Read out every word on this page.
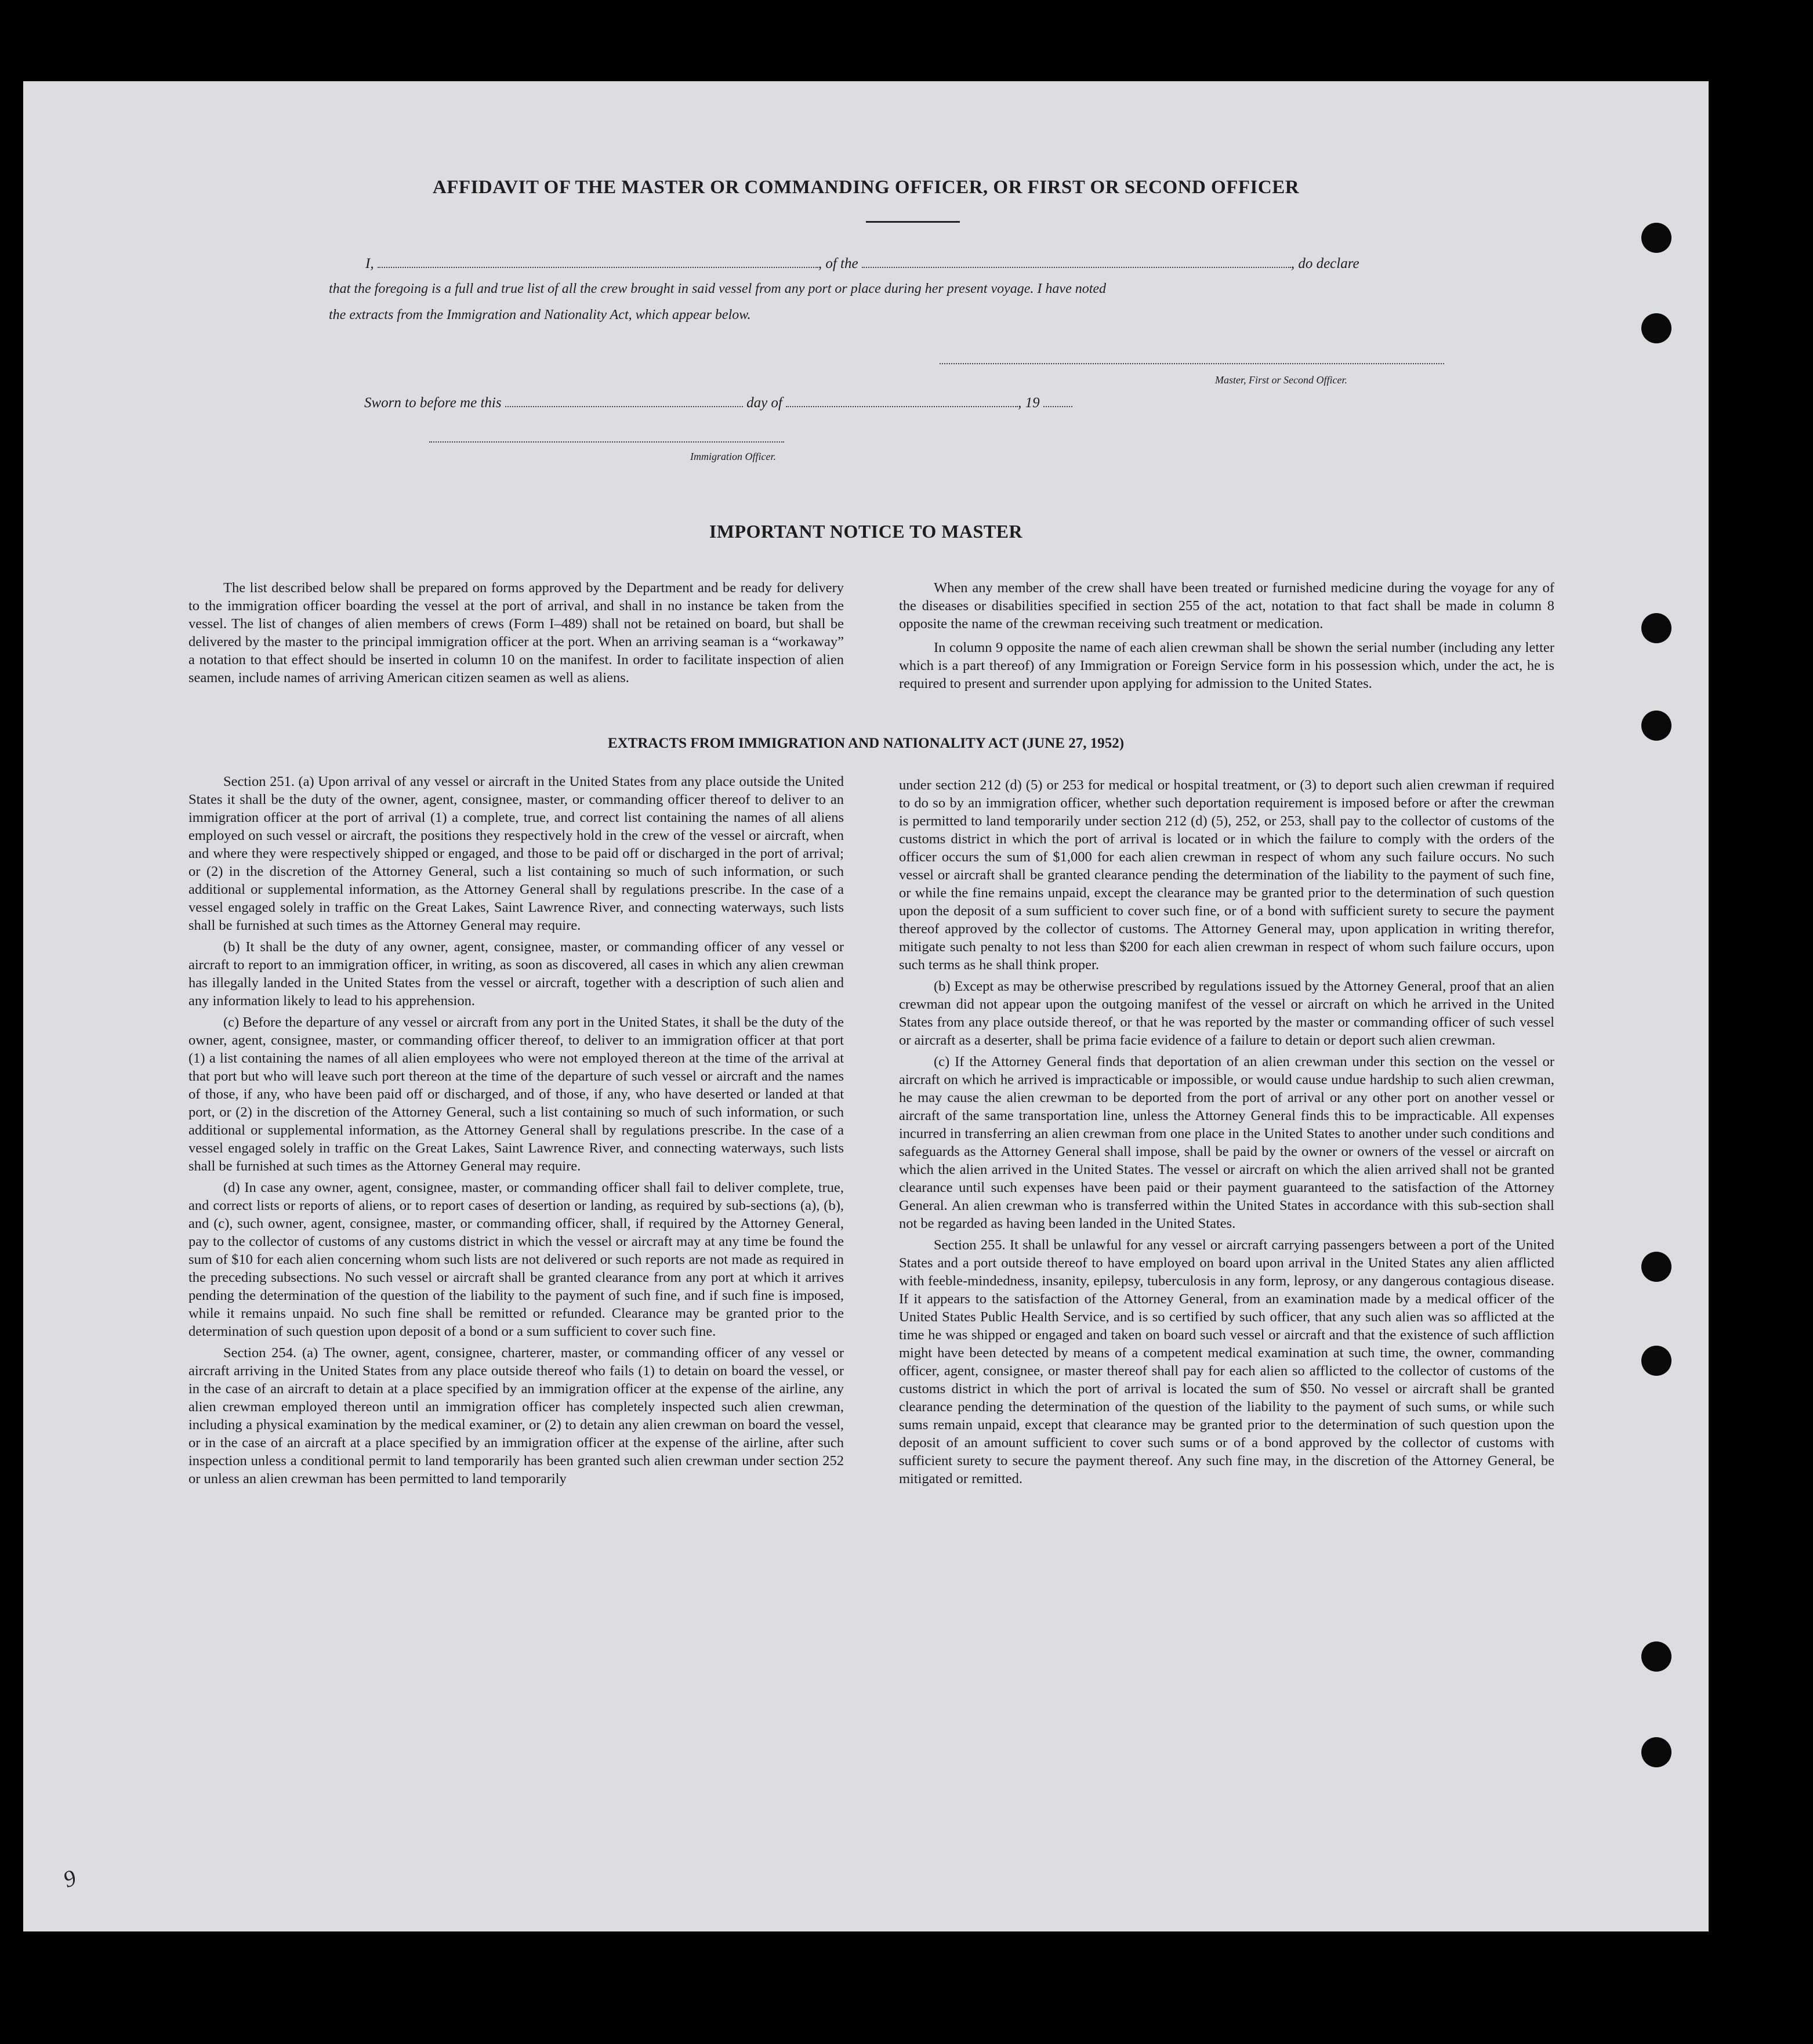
AFFIDAVIT OF THE MASTER OR COMMANDING OFFICER, OR FIRST OR SECOND OFFICER
I,	, of the	, do declare
that the foregoing is a full and true list of all the crew brought in said vessel from any port or place during her present voyage. I have noted
the extracts from the Immigration and Nationality Act, which appear below.
Master, First or Second Officer.
Sworn to before me this	day of	, 19
Immigration Officer.
IMPORTANT NOTICE TO MASTER

The list described below shall be prepared on forms approved by the Department and be ready for delivery to the immigration officer boarding the vessel at the port of arrival, and shall in no instance be taken from the vessel. The list of changes of alien members of crews (Form I–489) shall not be retained on board, but shall be delivered by the master to the principal immigration officer at the port. When an arriving seaman is a “workaway” a notation to that effect should be inserted in column 10 on the manifest. In order to facilitate inspection of alien seamen, include names of arriving American citizen seamen as well as aliens.

When any member of the crew shall have been treated or furnished medicine during the voyage for any of the diseases or disabilities specified in section 255 of the act, notation to that fact shall be made in column 8 opposite the name of the crewman receiving such treatment or medication.

In column 9 opposite the name of each alien crewman shall be shown the serial number (including any letter which is a part thereof) of any Immigration or Foreign Service form in his possession which, under the act, he is required to present and surrender upon applying for admission to the United States.

EXTRACTS FROM IMMIGRATION AND NATIONALITY ACT (JUNE 27, 1952)

Section 251. (a) Upon arrival of any vessel or aircraft in the United States from any place outside the United States it shall be the duty of the owner, agent, consignee, master, or commanding officer thereof to deliver to an immigration officer at the port of arrival (1) a complete, true, and correct list containing the names of all aliens employed on such vessel or aircraft, the positions they respectively hold in the crew of the vessel or aircraft, when and where they were respectively shipped or engaged, and those to be paid off or discharged in the port of arrival; or (2) in the discretion of the Attorney General, such a list containing so much of such information, or such additional or supplemental information, as the Attorney General shall by regulations prescribe. In the case of a vessel engaged solely in traffic on the Great Lakes, Saint Lawrence River, and connecting waterways, such lists shall be furnished at such times as the Attorney General may require.

(b) It shall be the duty of any owner, agent, consignee, master, or commanding officer of any vessel or aircraft to report to an immigration officer, in writing, as soon as discovered, all cases in which any alien crewman has illegally landed in the United States from the vessel or aircraft, together with a description of such alien and any information likely to lead to his apprehension.

(c) Before the departure of any vessel or aircraft from any port in the United States, it shall be the duty of the owner, agent, consignee, master, or commanding officer thereof, to deliver to an immigration officer at that port (1) a list containing the names of all alien employees who were not employed thereon at the time of the arrival at that port but who will leave such port thereon at the time of the departure of such vessel or aircraft and the names of those, if any, who have been paid off or discharged, and of those, if any, who have deserted or landed at that port, or (2) in the discretion of the Attorney General, such a list containing so much of such information, or such additional or supplemental information, as the Attorney General shall by regulations prescribe. In the case of a vessel engaged solely in traffic on the Great Lakes, Saint Lawrence River, and connecting waterways, such lists shall be furnished at such times as the Attorney General may require.

(d) In case any owner, agent, consignee, master, or commanding officer shall fail to deliver complete, true, and correct lists or reports of aliens, or to report cases of desertion or landing, as required by sub-sections (a), (b), and (c), such owner, agent, consignee, master, or commanding officer, shall, if required by the Attorney General, pay to the collector of customs of any customs district in which the vessel or aircraft may at any time be found the sum of $10 for each alien concerning whom such lists are not delivered or such reports are not made as required in the preceding subsections. No such vessel or aircraft shall be granted clearance from any port at which it arrives pending the determination of the question of the liability to the payment of such fine, and if such fine is imposed, while it remains unpaid. No such fine shall be remitted or refunded. Clearance may be granted prior to the determination of such question upon deposit of a bond or a sum sufficient to cover such fine.

Section 254. (a) The owner, agent, consignee, charterer, master, or commanding officer of any vessel or aircraft arriving in the United States from any place outside thereof who fails (1) to detain on board the vessel, or in the case of an aircraft to detain at a place specified by an immigration officer at the expense of the airline, any alien crewman employed thereon until an immigration officer has completely inspected such alien crewman, including a physical examination by the medical examiner, or (2) to detain any alien crewman on board the vessel, or in the case of an aircraft at a place specified by an immigration officer at the expense of the airline, after such inspection unless a conditional permit to land temporarily has been granted such alien crewman under section 252 or unless an alien crewman has been permitted to land temporarily

under section 212 (d) (5) or 253 for medical or hospital treatment, or (3) to deport such alien crewman if required to do so by an immigration officer, whether such deportation requirement is imposed before or after the crewman is permitted to land temporarily under section 212 (d) (5), 252, or 253, shall pay to the collector of customs of the customs district in which the port of arrival is located or in which the failure to comply with the orders of the officer occurs the sum of $1,000 for each alien crewman in respect of whom any such failure occurs. No such vessel or aircraft shall be granted clearance pending the determination of the liability to the payment of such fine, or while the fine remains unpaid, except the clearance may be granted prior to the determination of such question upon the deposit of a sum sufficient to cover such fine, or of a bond with sufficient surety to secure the payment thereof approved by the collector of customs. The Attorney General may, upon application in writing therefor, mitigate such penalty to not less than $200 for each alien crewman in respect of whom such failure occurs, upon such terms as he shall think proper.

(b) Except as may be otherwise prescribed by regulations issued by the Attorney General, proof that an alien crewman did not appear upon the outgoing manifest of the vessel or aircraft on which he arrived in the United States from any place outside thereof, or that he was reported by the master or commanding officer of such vessel or aircraft as a deserter, shall be prima facie evidence of a failure to detain or deport such alien crewman.

(c) If the Attorney General finds that deportation of an alien crewman under this section on the vessel or aircraft on which he arrived is impracticable or impossible, or would cause undue hardship to such alien crewman, he may cause the alien crewman to be deported from the port of arrival or any other port on another vessel or aircraft of the same transportation line, unless the Attorney General finds this to be impracticable. All expenses incurred in transferring an alien crewman from one place in the United States to another under such conditions and safeguards as the Attorney General shall impose, shall be paid by the owner or owners of the vessel or aircraft on which the alien arrived in the United States. The vessel or aircraft on which the alien arrived shall not be granted clearance until such expenses have been paid or their payment guaranteed to the satisfaction of the Attorney General. An alien crewman who is transferred within the United States in accordance with this sub-section shall not be regarded as having been landed in the United States.

Section 255. It shall be unlawful for any vessel or aircraft carrying passengers between a port of the United States and a port outside thereof to have employed on board upon arrival in the United States any alien afflicted with feeble-mindedness, insanity, epilepsy, tuberculosis in any form, leprosy, or any dangerous contagious disease. If it appears to the satisfaction of the Attorney General, from an examination made by a medical officer of the United States Public Health Service, and is so certified by such officer, that any such alien was so afflicted at the time he was shipped or engaged and taken on board such vessel or aircraft and that the existence of such affliction might have been detected by means of a competent medical examination at such time, the owner, commanding officer, agent, consignee, or master thereof shall pay for each alien so afflicted to the collector of customs of the customs district in which the port of arrival is located the sum of $50. No vessel or aircraft shall be granted clearance pending the determination of the question of the liability to the payment of such sums, or while such sums remain unpaid, except that clearance may be granted prior to the determination of such question upon the deposit of an amount sufficient to cover such sums or of a bond approved by the collector of customs with sufficient surety to secure the payment thereof. Any such fine may, in the discretion of the Attorney General, be mitigated or remitted.

9
